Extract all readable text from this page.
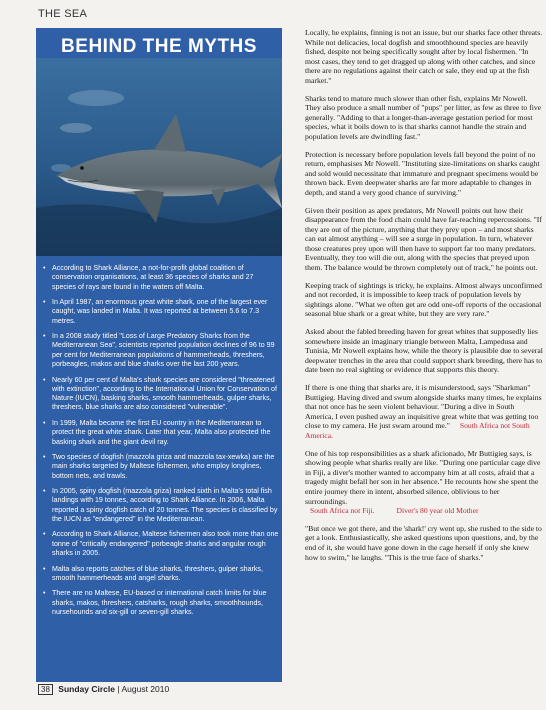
THE SEA
BEHIND THE MYTHS
• According to Shark Alliance, a not-for-profit global coalition of conservation organisations, at least 36 species of sharks and 27 species of rays are found in the waters off Malta.
• In April 1987, an enormous great white shark, one of the largest ever caught, was landed in Malta. It was reported at between 5.6 to 7.3 metres.
• In a 2008 study titled "Loss of Large Predatory Sharks from the Mediterranean Sea", scientists reported population declines of 96 to 99 per cent for Mediterranean populations of hammerheads, threshers, porbeagles, makos and blue sharks over the last 200 years.
• Nearly 60 per cent of Malta's shark species are considered "threatened with extinction", according to the International Union for Conservation of Nature (IUCN), basking sharks, smooth hammerheads, gulper sharks, threshers, blue sharks are also considered "vulnerable".
• In 1999, Malta became the first EU country in the Mediterranean to protect the great white shark. Later that year, Malta also protected the basking shark and the giant devil ray.
• Two species of dogfish (mazzola griza and mazzola tax-xewka) are the main sharks targeted by Maltese fishermen, who employ longlines, bottom nets, and trawls.
• In 2005, spiny dogfish (mazzola griza) ranked sixth in Malta's total fish landings with 19 tonnes, according to Shark Alliance. In 2006, Malta reported a spiny dogfish catch of 20 tonnes. The species is classified by the IUCN as "endangered" in the Mediterranean.
• According to Shark Alliance, Maltese fishermen also took more than one tonne of "critically endangered" porbeagle sharks and angular rough sharks in 2005.
• Malta also reports catches of blue sharks, threshers, gulper sharks, smooth hammerheads and angel sharks.
• There are no Maltese, EU-based or international catch limits for blue sharks, makos, threshers, catsharks, rough sharks, smoothhounds, nursehounds and six-gill or seven-gill sharks.

Locally, he explains, finning is not an issue, but our sharks face other threats. While not delicacies, local dogfish and smoothhound species are heavily fished, despite not being specifically sought after by local fishermen. "In most cases, they tend to get dragged up along with other catches, and since there are no regulations against their catch or sale, they end up at the fish market."

Sharks tend to mature much slower than other fish, explains Mr Nowell. They also produce a small number of "pups" per litter, as few as three to five generally. "Adding to that a longer-than-average gestation period for most species, what it boils down to is that sharks cannot handle the strain and population levels are dwindling fast."

Protection is necessary before population levels fall beyond the point of no return, emphasises Mr Nowell. "Instituting size-limitations on sharks caught and sold would necessitate that immature and pregnant specimens would be thrown back. Even deepwater sharks are far more adaptable to changes in depth, and stand a very good chance of surviving."

Given their position as apex predators, Mr Nowell points out how their disappearance from the food chain could have far-reaching repercussions. "If they are out of the picture, anything that they prey upon – and most sharks can eat almost anything – will see a surge in population. In turn, whatever those creatures prey upon will then have to support far too many predators. Eventually, they too will die out, along with the species that preyed upon them. The balance would be thrown completely out of track," he points out.

Keeping track of sightings is tricky, he explains. Almost always unconfirmed and not recorded, it is impossible to keep track of population levels by sightings alone. "What we often get are odd one-off reports of the occasional seasonal blue shark or a great white, but they are very rare."

Asked about the fabled breeding haven for great whites that supposedly lies somewhere inside an imaginary triangle between Malta, Lampedusa and Tunisia, Mr Nowell explains how, while the theory is plausible due to several deepwater trenches in the area that could support shark breeding, there has to date been no real sighting or evidence that supports this theory.

If there is one thing that sharks are, it is misunderstood, says "Sharkman" Buttigieg. Having dived and swum alongside sharks many times, he explains that not once has he seen violent behaviour. "During a dive in South America, I even pushed away an inquisitive great white that was getting too close to my camera. He just swam around me." South Africa not South America.

One of his top responsibilities as a shark aficionado, Mr Buttigieg says, is showing people what sharks really are like. "During one particular cage dive in Fiji, a diver's mother wanted to accompany him at all costs, afraid that a tragedy might befall her son in her absence." He recounts how she spent the entire journey there in intent, absorbed silence, oblivious to her surroundings.
South Africa not Fiji.	Diver's 80 year old Mother

"But once we got there, and the 'shark!' cry went up, she rushed to the side to get a look. Enthusiastically, she asked questions upon questions, and, by the end of it, she would have gone down in the cage herself if only she knew how to swim," he laughs. "This is the true face of sharks."

38 Sunday Circle | August 2010
